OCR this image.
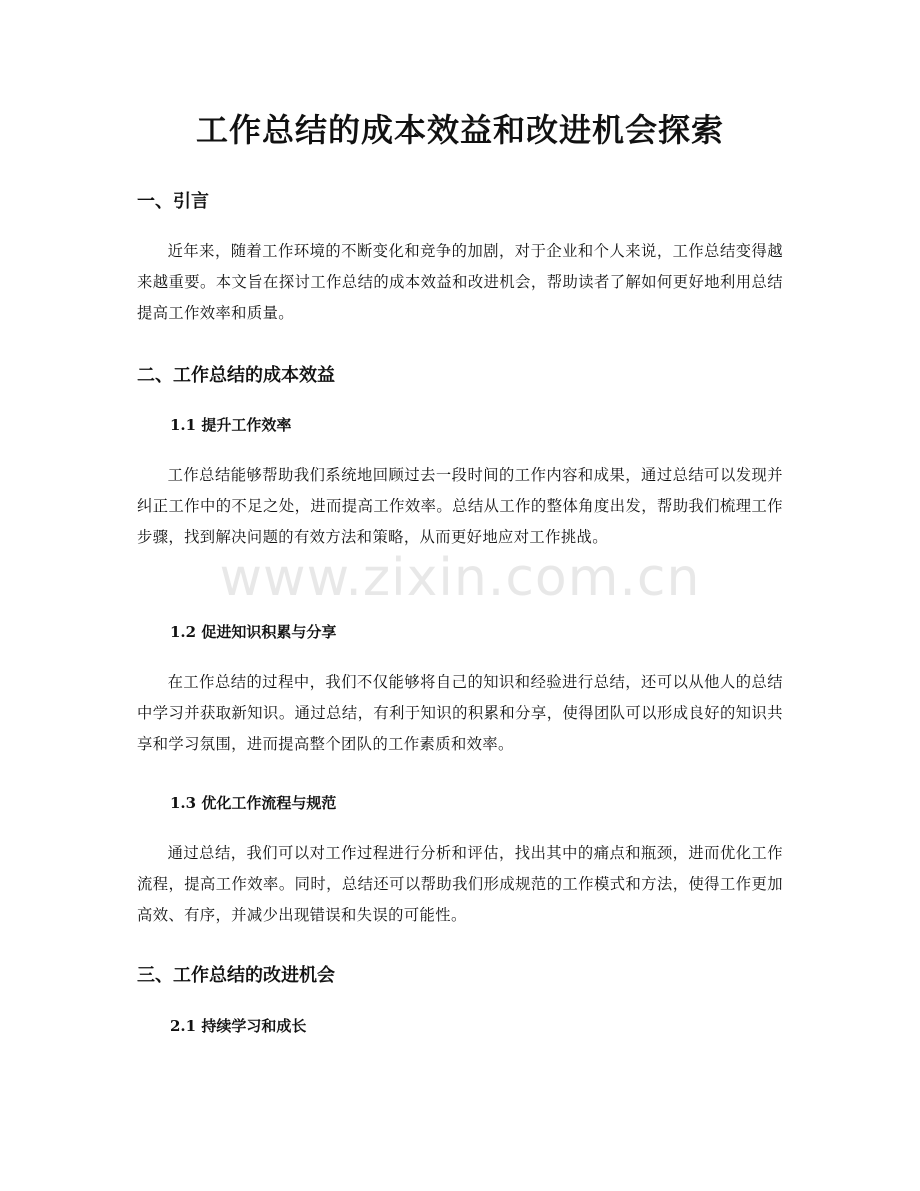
工作总结的成本效益和改进机会探索
一、引言

近年来，随着工作环境的不断变化和竞争的加剧，对于企业和个人来说，工作总结变得越来越重要。本文旨在探讨工作总结的成本效益和改进机会，帮助读者了解如何更好地利用总结提高工作效率和质量。

二、工作总结的成本效益
1.1 提升工作效率

工作总结能够帮助我们系统地回顾过去一段时间的工作内容和成果，通过总结可以发现并纠正工作中的不足之处，进而提高工作效率。总结从工作的整体角度出发，帮助我们梳理工作步骤，找到解决问题的有效方法和策略，从而更好地应对工作挑战。

1.2 促进知识积累与分享

在工作总结的过程中，我们不仅能够将自己的知识和经验进行总结，还可以从他人的总结中学习并获取新知识。通过总结，有利于知识的积累和分享，使得团队可以形成良好的知识共享和学习氛围，进而提高整个团队的工作素质和效率。

1.3 优化工作流程与规范

通过总结，我们可以对工作过程进行分析和评估，找出其中的痛点和瓶颈，进而优化工作流程，提高工作效率。同时，总结还可以帮助我们形成规范的工作模式和方法，使得工作更加高效、有序，并减少出现错误和失误的可能性。

三、工作总结的改进机会
2.1 持续学习和成长
www.zixin.com.cn
